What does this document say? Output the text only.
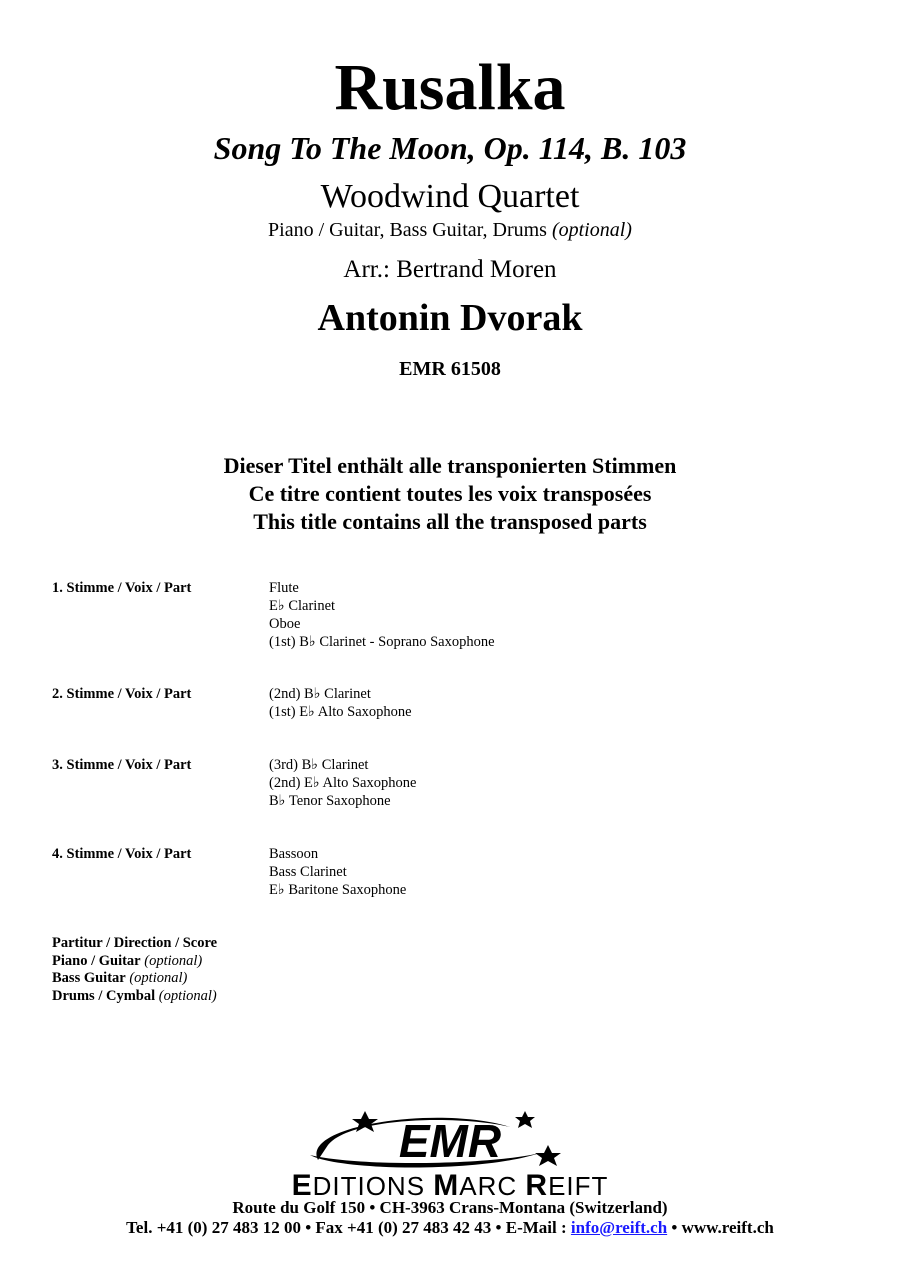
Rusalka
Song To The Moon, Op. 114, B. 103
Woodwind Quartet
Piano / Guitar, Bass Guitar, Drums (optional)
Arr.: Bertrand Moren
Antonin Dvorak
EMR 61508
Dieser Titel enthält alle transponierten Stimmen
Ce titre contient toutes les voix transposées
This title contains all the transposed parts
1. Stimme / Voix / Part	Flute
E♭ Clarinet
Oboe
(1st) B♭ Clarinet - Soprano Saxophone
2. Stimme / Voix / Part	(2nd) B♭ Clarinet
(1st) E♭ Alto Saxophone
3. Stimme / Voix / Part	(3rd) B♭ Clarinet
(2nd) E♭ Alto Saxophone
B♭ Tenor Saxophone
4. Stimme / Voix / Part	Bassoon
Bass Clarinet
E♭ Baritone Saxophone
Partitur / Direction / Score
Piano / Guitar (optional)
Bass Guitar (optional)
Drums / Cymbal (optional)
EMR
EDITIONS MARC REIFT
Route du Golf 150 • CH-3963 Crans-Montana (Switzerland)
Tel. +41 (0) 27 483 12 00 • Fax +41 (0) 27 483 42 43 • E-Mail : info@reift.ch • www.reift.ch
